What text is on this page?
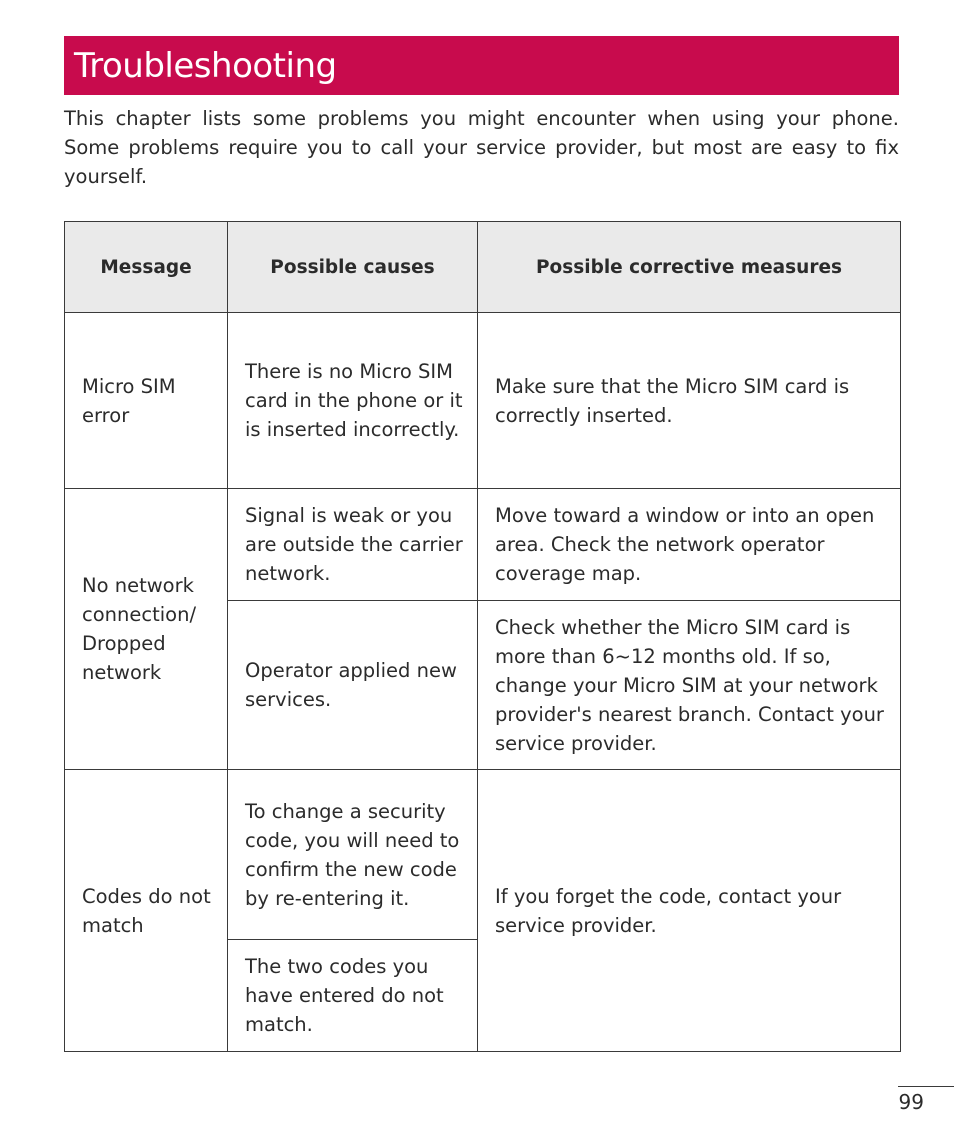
Troubleshooting

This chapter lists some problems you might encounter when using your phone. Some problems require you to call your service provider, but most are easy to fix yourself.

Message	Possible causes	Possible corrective measures
Micro SIM error	There is no Micro SIM card in the phone or it is inserted incorrectly.	Make sure that the Micro SIM card is correctly inserted.
No network connection/ Dropped network	Signal is weak or you are outside the carrier network.	Move toward a window or into an open area. Check the network operator coverage map.
	Operator applied new services.	Check whether the Micro SIM card is more than 6~12 months old. If so, change your Micro SIM at your network provider's nearest branch. Contact your service provider.
Codes do not match	To change a security code, you will need to confirm the new code by re-entering it.	If you forget the code, contact your service provider.
	The two codes you have entered do not match.	
99
